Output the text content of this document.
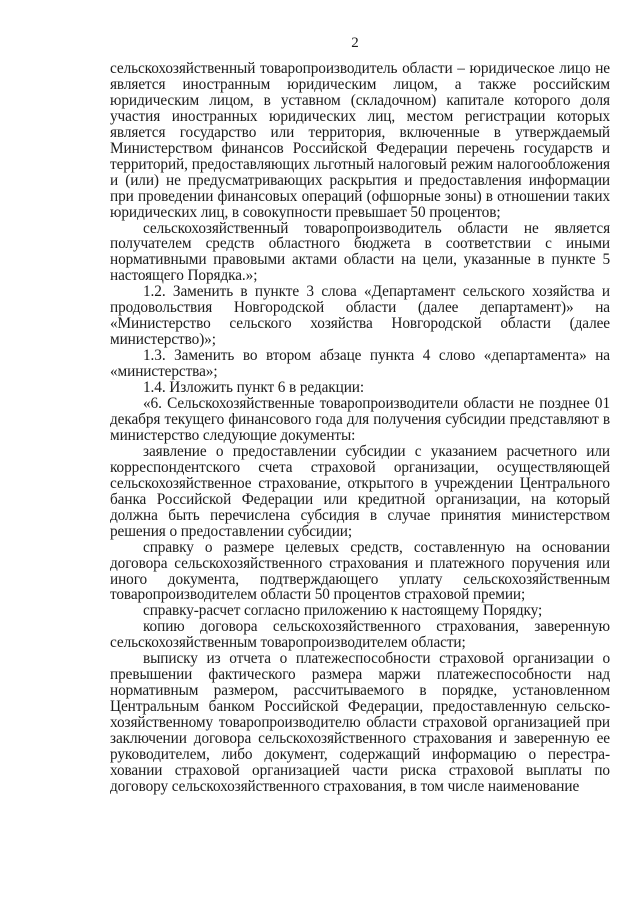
2

сельскохозяйственный товаропроизводитель области – юридическое лицо не является иностранным юридическим лицом, а также российским юридическим лицом, в уставном (складочном) капитале которого доля участия иностранных юридических лиц, местом регистрации которых является государство или территория, включенные в утверждаемый Министерством финансов Российской Федерации перечень государств и территорий, предоставляющих льготный налоговый режим налогообложения и (или) не предусматривающих раскрытия и предоставления информации при проведении финансовых операций (офшорные зоны) в отношении таких юридических лиц, в совокупности превышает 50 процентов;

сельскохозяйственный товаропроизводитель области не является получателем средств областного бюджета в соответствии с иными нормативными правовыми актами области на цели, указанные в пункте 5 настоящего Порядка.»;

1.2. Заменить в пункте 3 слова «Департамент сельского хозяйства и продовольствия Новгородской области (далее департамент)» на «Министерство сельского хозяйства Новгородской области (далее министерство)»;

1.3. Заменить во втором абзаце пункта 4 слово «департамента» на «министерства»;

1.4. Изложить пункт 6 в редакции:

«6. Сельскохозяйственные товаропроизводители области не позднее 01 декабря текущего финансового года для получения субсидии представляют в министерство следующие документы:

заявление о предоставлении субсидии с указанием расчетного или корреспондентского счета страховой организации, осуществляющей сельскохозяйственное страхование, открытого в учреждении Центрального банка Российской Федерации или кредитной организации, на который должна быть перечислена субсидия в случае принятия министерством решения о предоставлении субсидии;

справку о размере целевых средств, составленную на основании договора сельскохозяйственного страхования и платежного поручения или иного документа, подтверждающего уплату сельскохозяйственным товаропроизводителем области 50 процентов страховой премии;

справку-расчет согласно приложению к настоящему Порядку;

копию договора сельскохозяйственного страхования, заверенную сельскохозяйственным товаропроизводителем области;

выписку из отчета о платежеспособности страховой организации о превышении фактического размера маржи платежеспособности над нормативным размером, рассчитываемого в порядке, установленном Центральным банком Российской Федерации, предоставленную сельско-хозяйственному товаропроизводителю области страховой организацией при заключении договора сельскохозяйственного страхования и заверенную ее руководителем, либо документ, содержащий информацию о перестра-ховании страховой организацией части риска страховой выплаты по договору сельскохозяйственного страхования, в том числе наименование
